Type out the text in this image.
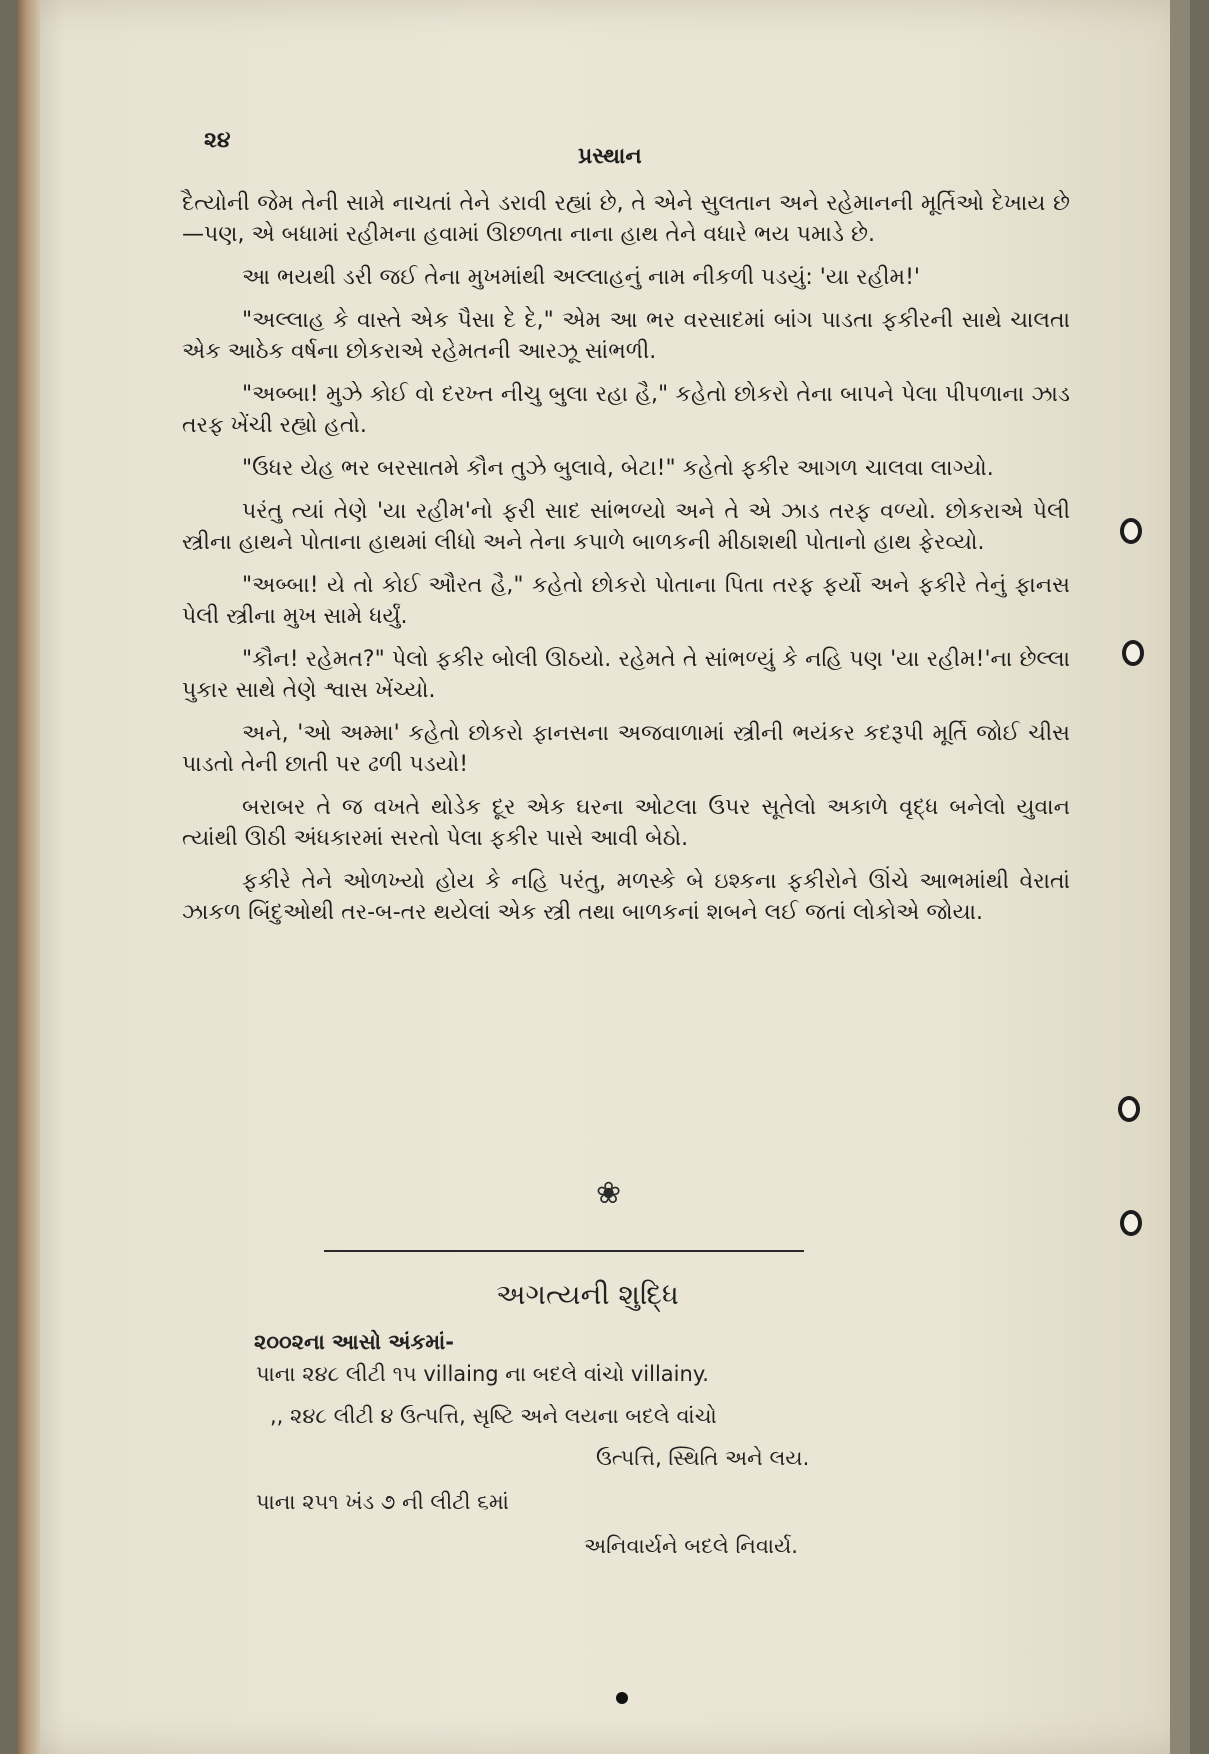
૨૪
પ્રસ્થાન

દૈત્યોની જેમ તેની સામે નાચતાં તેને ડરાવી રહ્યાં છે, તે એને સુલતાન અને રહેમાનની મૂર્તિઓ દેખાય છે—પણ, એ બધામાં રહીમના હવામાં ઊછળતા નાના હાથ તેને વધારે ભય પમાડે છે.

આ ભયથી ડરી જઈ તેના મુખમાંથી અલ્લાહનું નામ નીકળી પડયું: 'યા રહીમ!'

"અલ્લાહ કે વાસ્તે એક પૈસા દે દે," એમ આ ભર વરસાદમાં બાંગ પાડતા ફકીરની સાથે ચાલતા એક આઠેક વર્ષના છોકરાએ રહેમતની આરઝૂ સાંભળી.

"અબ્બા! મુઝે કોઈ વો દરખ્ત નીચુ બુલા રહા હૈ," કહેતો છોકરો તેના બાપને પેલા પીપળાના ઝાડ તરફ ખેંચી રહ્યો હતો.

"ઉધર યેહ ભર બરસાતમે કૌન તુઝે બુલાવે, બેટા!" કહેતો ફકીર આગળ ચાલવા લાગ્યો.

પરંતુ ત્યાં તેણે 'યા રહીમ'નો ફરી સાદ સાંભળ્યો અને તે એ ઝાડ તરફ વળ્યો. છોકરાએ પેલી સ્ત્રીના હાથને પોતાના હાથમાં લીધો અને તેના કપાળે બાળકની મીઠાશથી પોતાનો હાથ ફેરવ્યો.

"અબ્બા! યે તો કોઈ ઔરત હૈ," કહેતો છોકરો પોતાના પિતા તરફ ફર્યો અને ફકીરે તેનું ફાનસ પેલી સ્ત્રીના મુખ સામે ધર્યું.

"કૌન! રહેમત?" પેલો ફકીર બોલી ઊઠયો. રહેમતે તે સાંભળ્યું કે નહિ પણ 'યા રહીમ!'ના છેલ્લા પુકાર સાથે તેણે શ્વાસ ખેંચ્યો.

અને, 'ઓ અમ્મા' કહેતો છોકરો ફાનસના અજવાળામાં સ્ત્રીની ભયંકર કદરૂપી મૂર્તિ જોઈ ચીસ પાડતો તેની છાતી પર ઢળી પડયો!

બરાબર તે જ વખતે થોડેક દૂર એક ઘરના ઓટલા ઉપર સૂતેલો અકાળે વૃદ્ધ બનેલો યુવાન ત્યાંથી ઊઠી અંધકારમાં સરતો પેલા ફકીર પાસે આવી બેઠો.

ફકીરે તેને ઓળખ્યો હોય કે નહિ પરંતુ, મળસ્કે બે ઇશ્કના ફકીરોને ઊંચે આભમાંથી વેરાતાં ઝાકળ બિંદુઓથી તર-બ-તર થયેલાં એક સ્ત્રી તથા બાળકનાં શબને લઈ જતાં લોકોએ જોયા.

❀
અગત્યની શુદ્ધિ
૨૦૦૨ના આસો અંકમાં-
પાના ૨૪૮ લીટી ૧૫ villaing ના બદલે વાંચો villainy.
,, ૨૪૮ લીટી ૪ ઉત્પત્તિ, સૃષ્ટિ અને લયના બદલે વાંચો
ઉત્પત્તિ, સ્થિતિ અને લય.
પાના ૨૫૧ ખંડ ૭ ની લીટી ૬માં
અનિવાર્યને બદલે નિવાર્ય.
